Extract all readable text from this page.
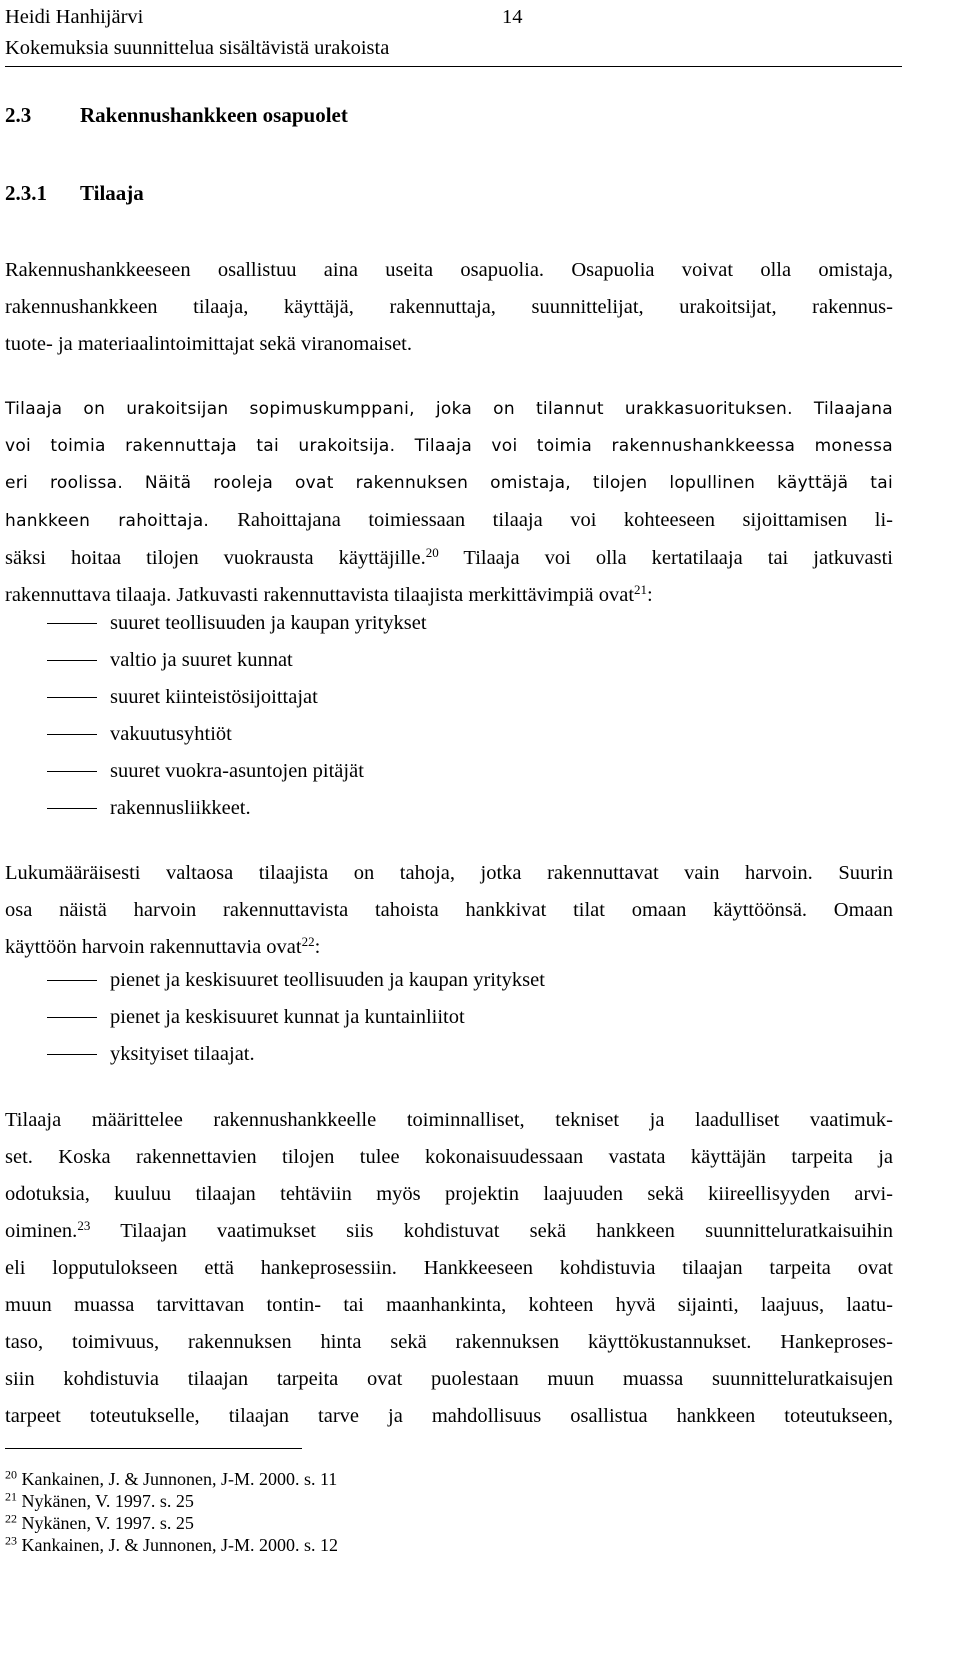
Heidi Hanhijärvi	14
Kokemuksia suunnittelua sisältävistä urakoista
2.3 Rakennushankkeen osapuolet
2.3.1 Tilaaja
Rakennushankkeeseen osallistuu aina useita osapuolia. Osapuolia voivat olla omistaja,
rakennushankkeen tilaaja, käyttäjä, rakennuttaja, suunnittelijat, urakoitsijat, rakennus-
tuote- ja materiaalintoimittajat sekä viranomaiset.
Tilaaja on urakoitsijan sopimuskumppani, joka on tilannut urakkasuorituksen. Tilaajana
voi toimia rakennuttaja tai urakoitsija. Tilaaja voi toimia rakennushankkeessa monessa
eri roolissa. Näitä rooleja ovat rakennuksen omistaja, tilojen lopullinen käyttäjä tai
hankkeen rahoittaja. Rahoittajana toimiessaan tilaaja voi kohteeseen sijoittamisen li-
säksi hoitaa tilojen vuokrausta käyttäjille.$^{20}$ Tilaaja voi olla kertatilaaja tai jatkuvasti
rakennuttava tilaaja. Jatkuvasti rakennuttavista tilaajista merkittävimpiä ovat$^{21}$:
suuret teollisuuden ja kaupan yritykset
valtio ja suuret kunnat
suuret kiinteistösijoittajat
vakuutusyhtiöt
suuret vuokra-asuntojen pitäjät
rakennusliikkeet.
Lukumääräisesti valtaosa tilaajista on tahoja, jotka rakennuttavat vain harvoin. Suurin
osa näistä harvoin rakennuttavista tahoista hankkivat tilat omaan käyttöönsä. Omaan
käyttöön harvoin rakennuttavia ovat$^{22}$:
pienet ja keskisuuret teollisuuden ja kaupan yritykset
pienet ja keskisuuret kunnat ja kuntainliitot
yksityiset tilaajat.
Tilaaja määrittelee rakennushankkeelle toiminnalliset, tekniset ja laadulliset vaatimuk-
set. Koska rakennettavien tilojen tulee kokonaisuudessaan vastata käyttäjän tarpeita ja
odotuksia, kuuluu tilaajan tehtäviin myös projektin laajuuden sekä kiireellisyyden arvi-
oiminen.$^{23}$ Tilaajan vaatimukset siis kohdistuvat sekä hankkeen suunnitteluratkaisuihin
eli lopputulokseen että hankeprosessiin. Hankkeeseen kohdistuvia tilaajan tarpeita ovat
muun muassa tarvittavan tontin- tai maanhankinta, kohteen hyvä sijainti, laajuus, laatu-
taso, toimivuus, rakennuksen hinta sekä rakennuksen käyttökustannukset. Hankeproses-
siin kohdistuvia tilaajan tarpeita ovat puolestaan muun muassa suunnitteluratkaisujen
tarpeet toteutukselle, tilaajan tarve ja mahdollisuus osallistua hankkeen toteutukseen,
$^{20}$ Kankainen, J. & Junnonen, J-M. 2000. s. 11
$^{21}$ Nykänen, V. 1997. s. 25
$^{22}$ Nykänen, V. 1997. s. 25
$^{23}$ Kankainen, J. & Junnonen, J-M. 2000. s. 12
